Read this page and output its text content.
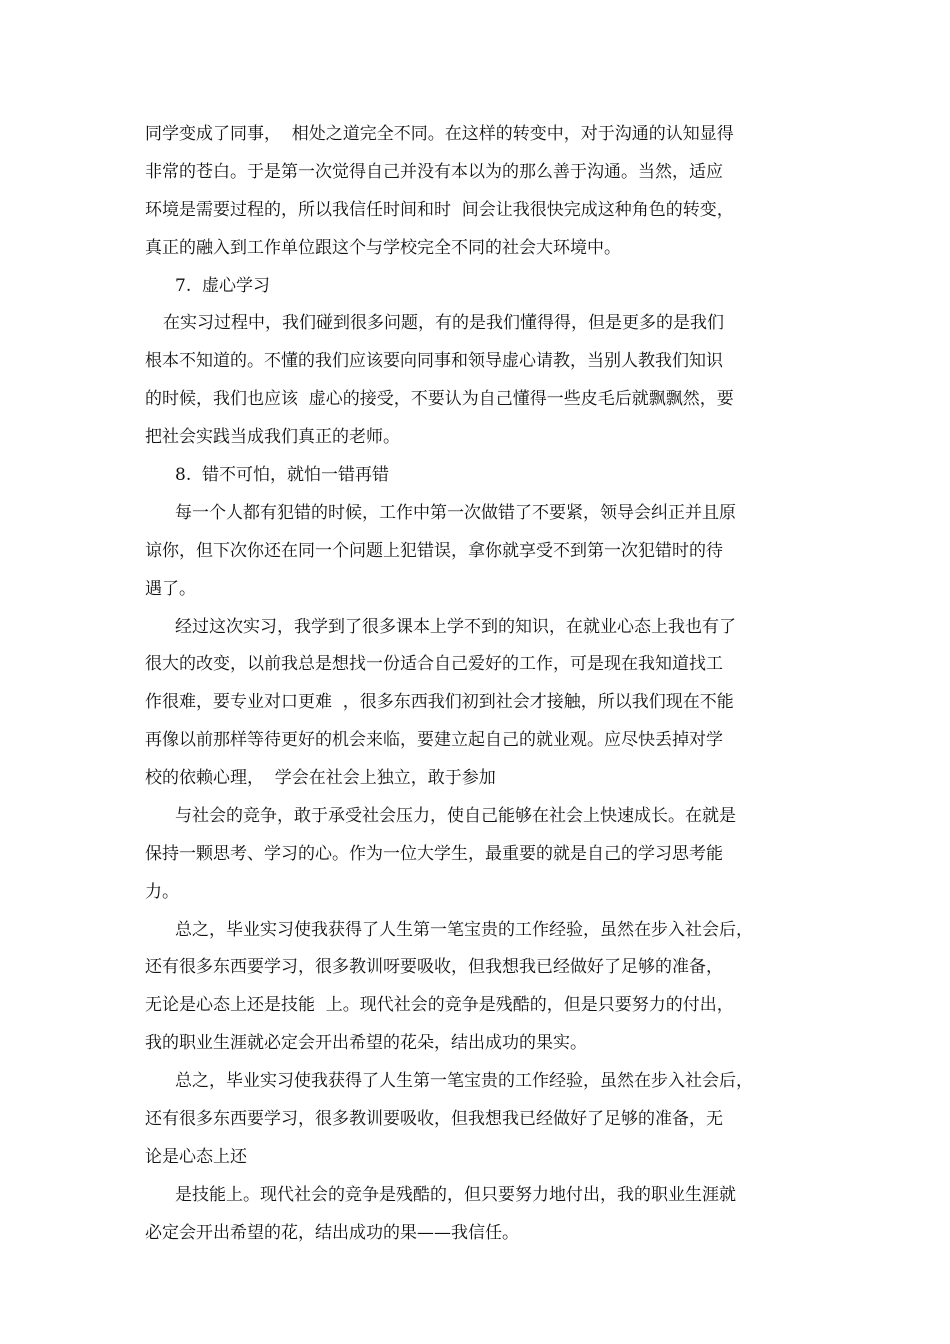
同学变成了同事，  相处之道完全不同。在这样的转变中，对于沟通的认知显得
非常的苍白。于是第一次觉得自己并没有本以为的那么善于沟通。当然，适应
环境是需要过程的，所以我信任时间和时  间会让我很快完成这种角色的转变，
真正的融入到工作单位跟这个与学校完全不同的社会大环境中。
7.  虚心学习
在实习过程中，我们碰到很多问题，有的是我们懂得得，但是更多的是我们
根本不知道的。不懂的我们应该要向同事和领导虚心请教，当别人教我们知识
的时候，我们也应该  虚心的接受，不要认为自己懂得一些皮毛后就飘飘然，要
把社会实践当成我们真正的老师。
8.  错不可怕，就怕一错再错
每一个人都有犯错的时候，工作中第一次做错了不要紧，领导会纠正并且原
谅你，但下次你还在同一个问题上犯错误，拿你就享受不到第一次犯错时的待
遇了。
经过这次实习，我学到了很多课本上学不到的知识，在就业心态上我也有了
很大的改变，以前我总是想找一份适合自己爱好的工作，可是现在我知道找工
作很难，要专业对口更难  ，很多东西我们初到社会才接触，所以我们现在不能
再像以前那样等待更好的机会来临，要建立起自己的就业观。应尽快丢掉对学
校的依赖心理，  学会在社会上独立，敢于参加
与社会的竞争，敢于承受社会压力，使自己能够在社会上快速成长。在就是
保持一颗思考、学习的心。作为一位大学生，最重要的就是自己的学习思考能
力。
总之，毕业实习使我获得了人生第一笔宝贵的工作经验，虽然在步入社会后，
还有很多东西要学习，很多教训呀要吸收，但我想我已经做好了足够的准备，
无论是心态上还是技能  上。现代社会的竞争是残酷的，但是只要努力的付出，
我的职业生涯就必定会开出希望的花朵，结出成功的果实。
总之，毕业实习使我获得了人生第一笔宝贵的工作经验，虽然在步入社会后，
还有很多东西要学习，很多教训要吸收，但我想我已经做好了足够的准备，无
论是心态上还
是技能上。现代社会的竞争是残酷的，但只要努力地付出，我的职业生涯就
必定会开出希望的花，结出成功的果——我信任。
